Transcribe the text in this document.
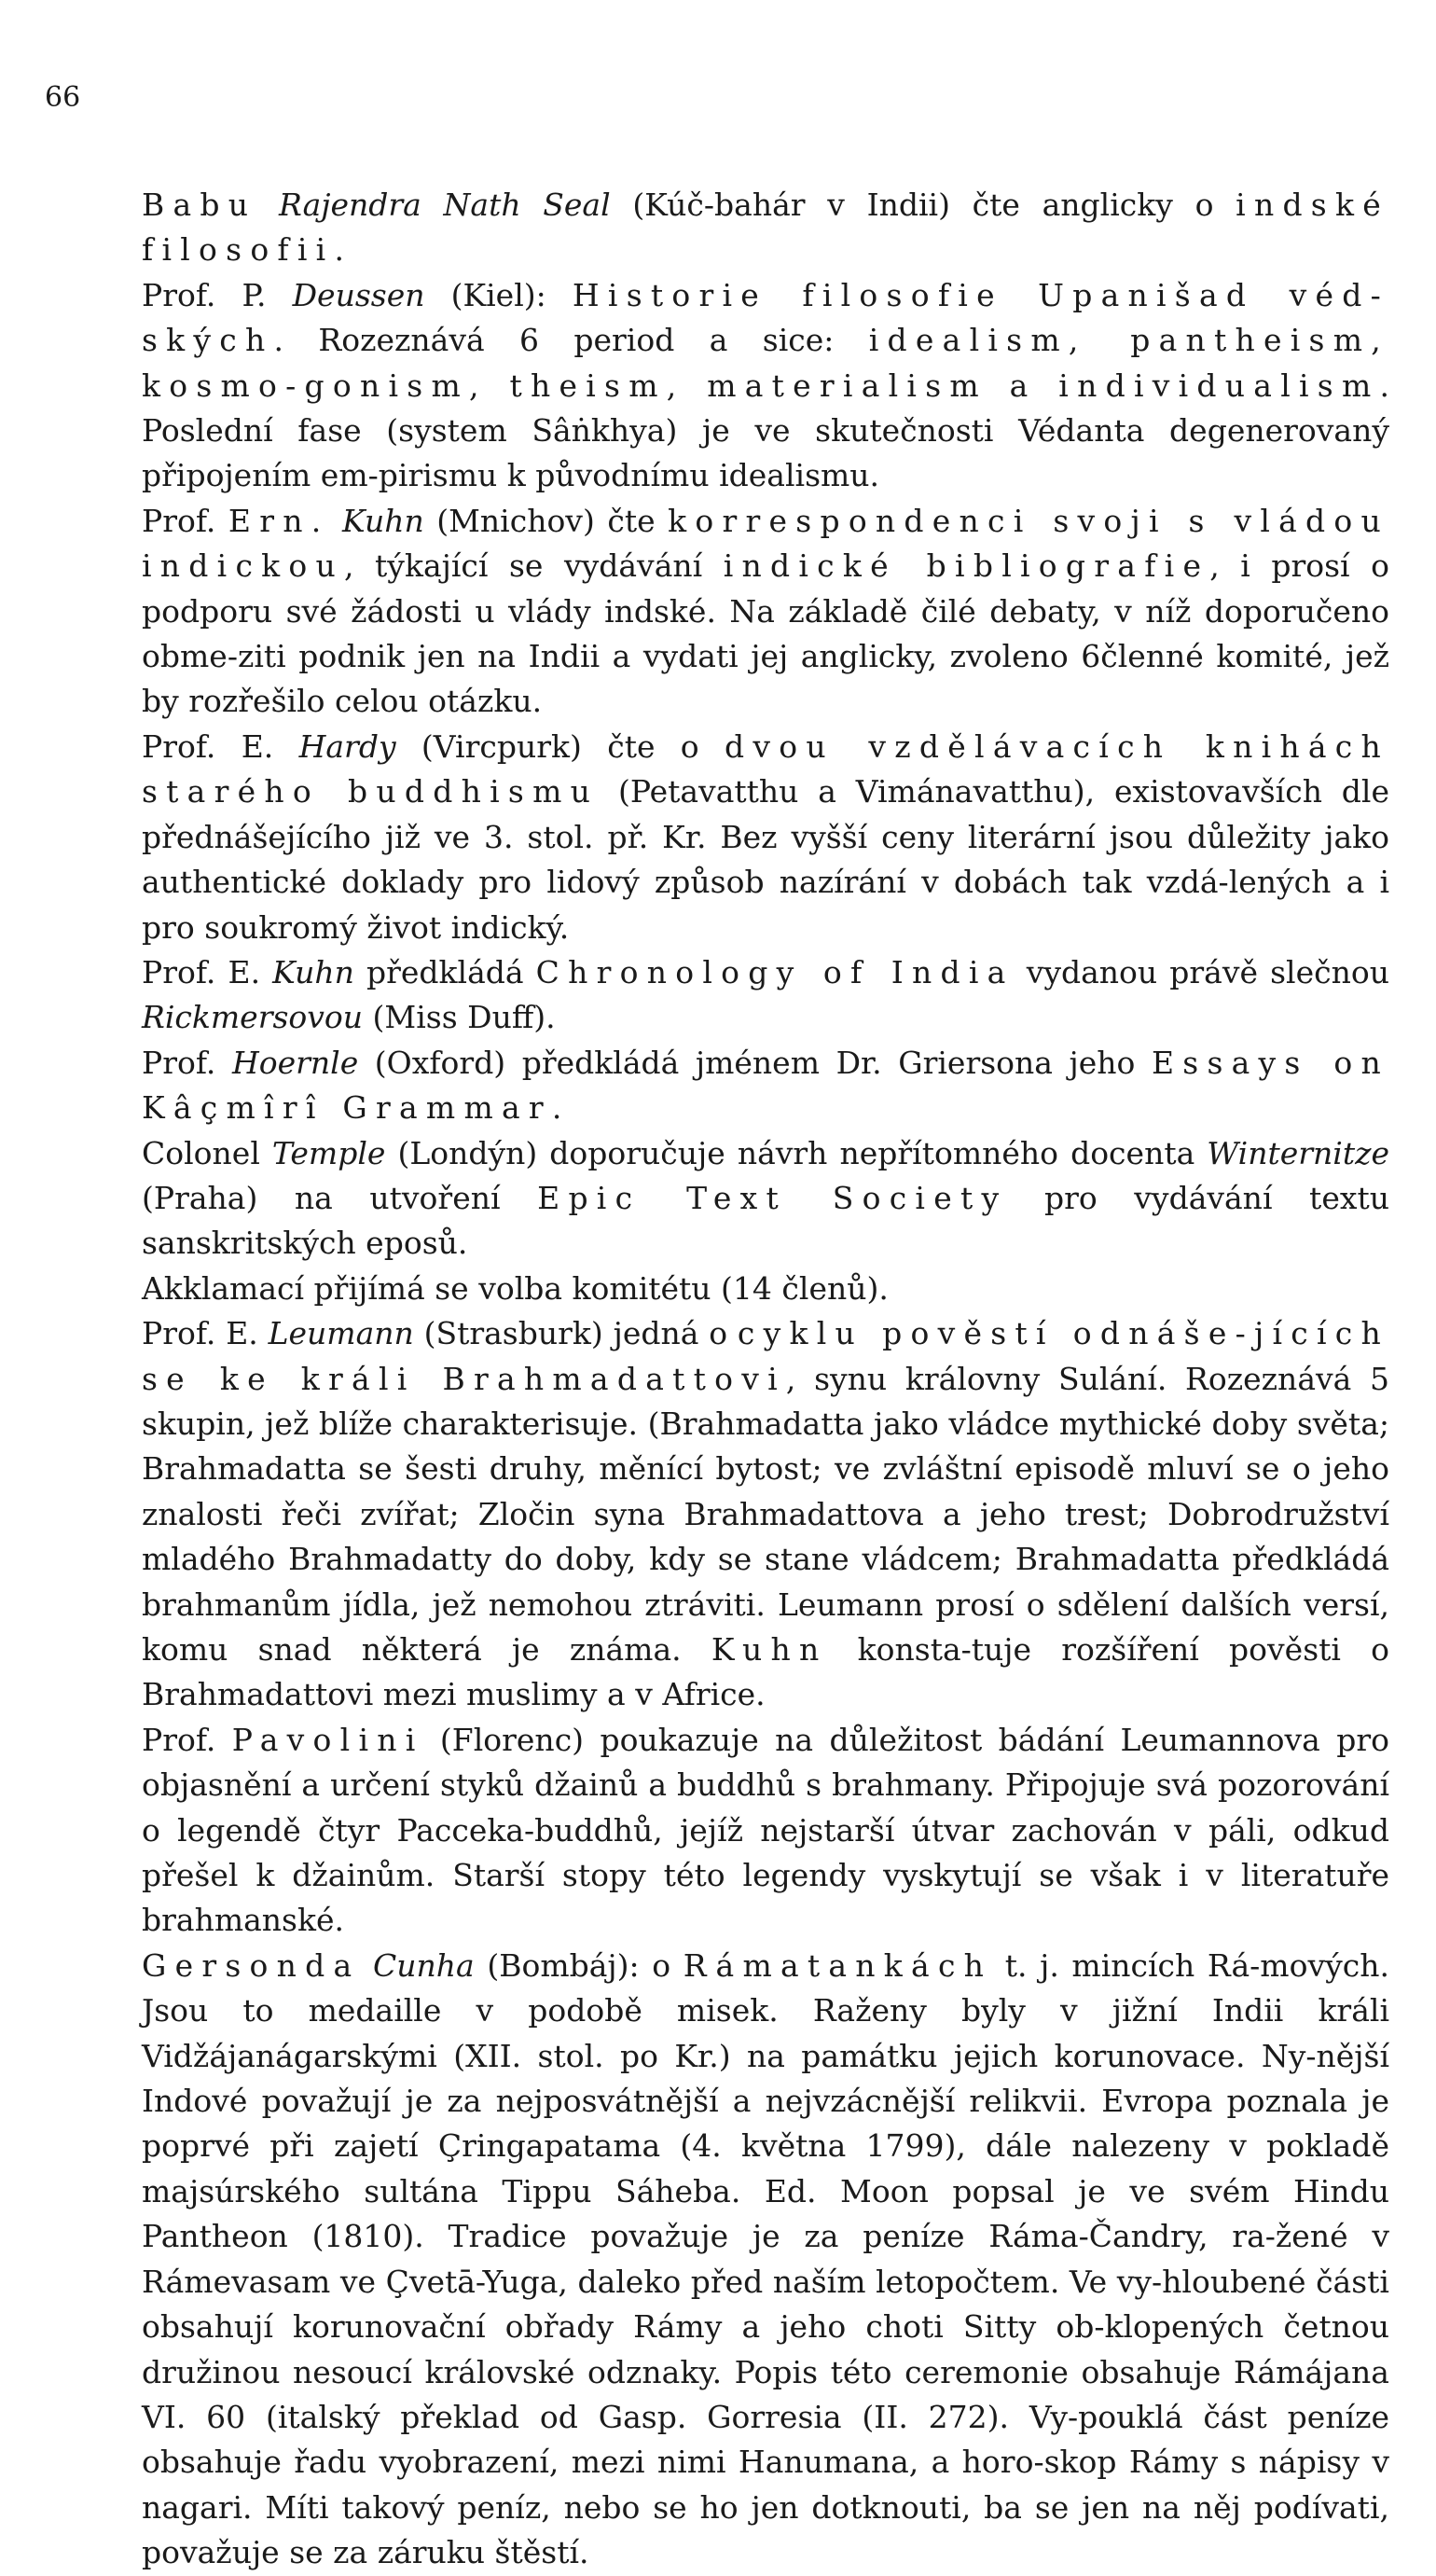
66

Babu Rajendra Nath Seal (Kúč-bahár v Indii) čte anglicky o indské filosofii.

Prof. P. Deussen (Kiel): Historie filosofie Upanišad véd-ských. Rozeznává 6 period a sice: idealism, pantheism, kosmo-gonism, theism, materialism a individualism. Poslední fase (system Sâṅkhya) je ve skutečnosti Védanta degenerovaný připojením em-pirismu k původnímu idealismu.

Prof. Ern. Kuhn (Mnichov) čte korrespondenci svoji s vládou indickou, týkající se vydávání indické bibliografie, i prosí o podporu své žádosti u vlády indské. Na základě čilé debaty, v níž doporučeno obme-ziti podnik jen na Indii a vydati jej anglicky, zvoleno 6členné komité, jež by rozřešilo celou otázku.

Prof. E. Hardy (Vircpurk) čte o dvou vzdělávacích knihách starého buddhismu (Petavatthu a Vimánavatthu), existovavších dle přednášejícího již ve 3. stol. př. Kr. Bez vyšší ceny literární jsou důležity jako authentické doklady pro lidový způsob nazírání v dobách tak vzdá-lených a i pro soukromý život indický.

Prof. E. Kuhn předkládá Chronology of India vydanou právě slečnou Rickmersovou (Miss Duff).

Prof. Hoernle (Oxford) předkládá jménem Dr. Griersona jeho Essays on Kâçmîrî Grammar.

Colonel Temple (Londýn) doporučuje návrh nepřítomného docenta Winternitze (Praha) na utvoření Epic Text Society pro vydávání textu sanskritských eposů.

Akklamací přijímá se volba komitétu (14 členů).

Prof. E. Leumann (Strasburk) jedná o cyklu pověstí odnáše-jících se ke králi Brahmadattovi, synu královny Sulání. Rozeznává 5 skupin, jež blíže charakterisuje. (Brahmadatta jako vládce mythické doby světa; Brahmadatta se šesti druhy, měnící bytost; ve zvláštní episodě mluví se o jeho znalosti řeči zvířat; Zločin syna Brahmadattova a jeho trest; Dobrodružství mladého Brahmadatty do doby, kdy se stane vládcem; Brahmadatta předkládá brahmanům jídla, jež nemohou ztráviti. Leumann prosí o sdělení dalších versí, komu snad některá je známa. Kuhn konsta-tuje rozšíření pověsti o Brahmadattovi mezi muslimy a v Africe.

Prof. Pavolini (Florenc) poukazuje na důležitost bádání Leumannova pro objasnění a určení styků džainů a buddhů s brahmany. Připojuje svá pozorování o legendě čtyr Pacceka-buddhů, jejíž nejstarší útvar zachován v páli, odkud přešel k džainům. Starší stopy této legendy vyskytují se však i v literatuře brahmanské.

Gersonda Cunha (Bombáj): o Rámatankách t. j. mincích Rá-mových. Jsou to medaille v podobě misek. Raženy byly v jižní Indii králi Vidžájanágarskými (XII. stol. po Kr.) na památku jejich korunovace. Ny-nější Indové považují je za nejposvátnější a nejvzácnější relikvii. Evropa poznala je poprvé při zajetí Çringapatama (4. května 1799), dále nalezeny v pokladě majsúrského sultána Tippu Sáheba. Ed. Moon popsal je ve svém Hindu Pantheon (1810). Tradice považuje je za peníze Ráma-Čandry, ra-žené v Rámevasam ve Çvetā-Yuga, daleko před naším letopočtem. Ve vy-hloubené části obsahují korunovační obřady Rámy a jeho choti Sitty ob-klopených četnou družinou nesoucí královské odznaky. Popis této ceremonie obsahuje Rámájana VI. 60 (italský překlad od Gasp. Gorresia (II. 272). Vy-pouklá část peníze obsahuje řadu vyobrazení, mezi nimi Hanumana, a horo-skop Rámy s nápisy v nagari. Míti takový peníz, nebo se ho jen dotknouti, ba se jen na něj podívati, považuje se za záruku štěstí.
